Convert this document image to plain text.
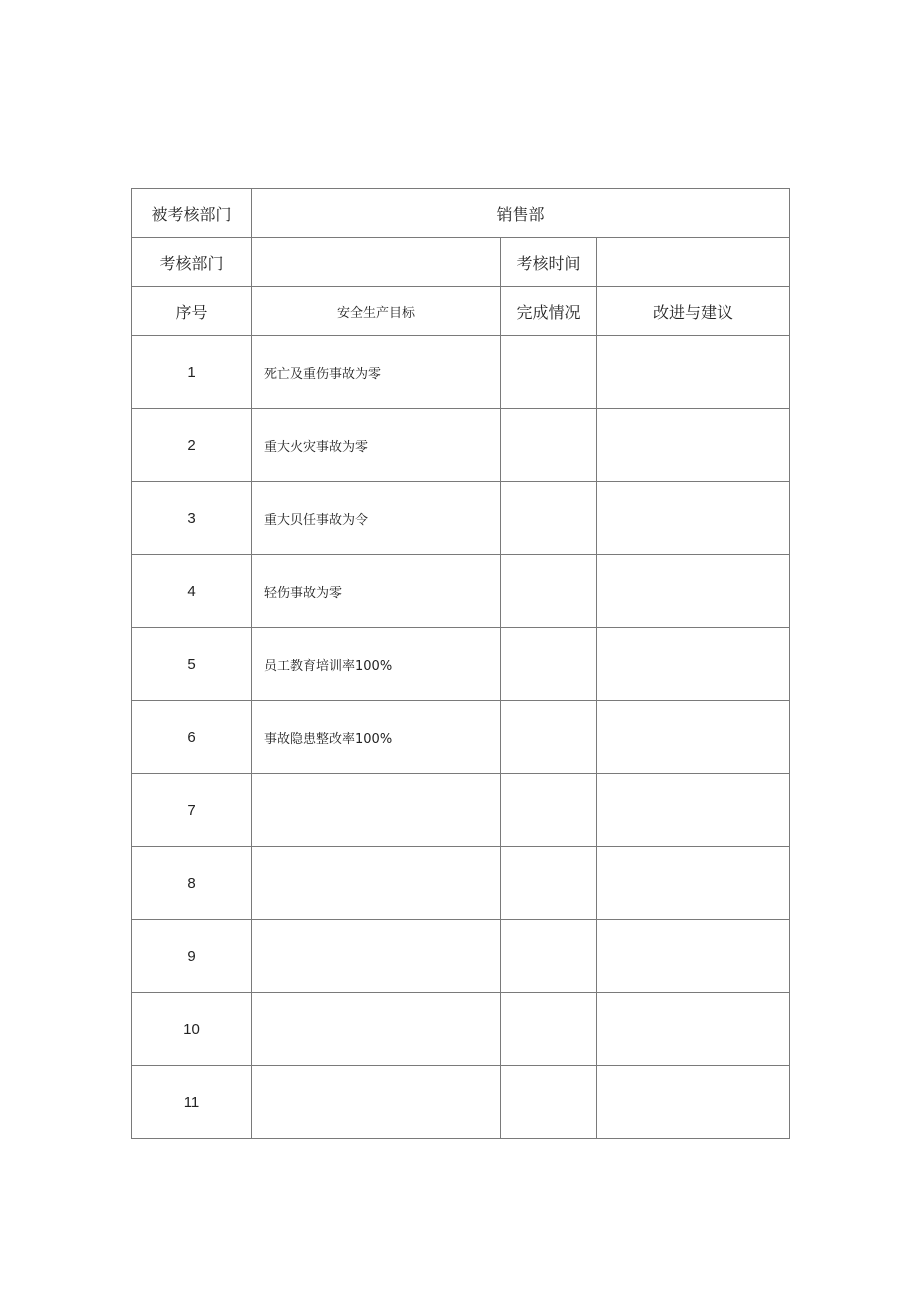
被考核部门	销售部		
考核部门		考核时间	
序号	安全生产目标	完成情况	改进与建议
1	死亡及重伤事故为零		
2	重大火灾事故为零		
3	重大贝任事故为令		
4	轻伤事故为零		
5	员工教育培训率100%		
6	事故隐患整改率100%		
7			
8			
9			
10			
11			
